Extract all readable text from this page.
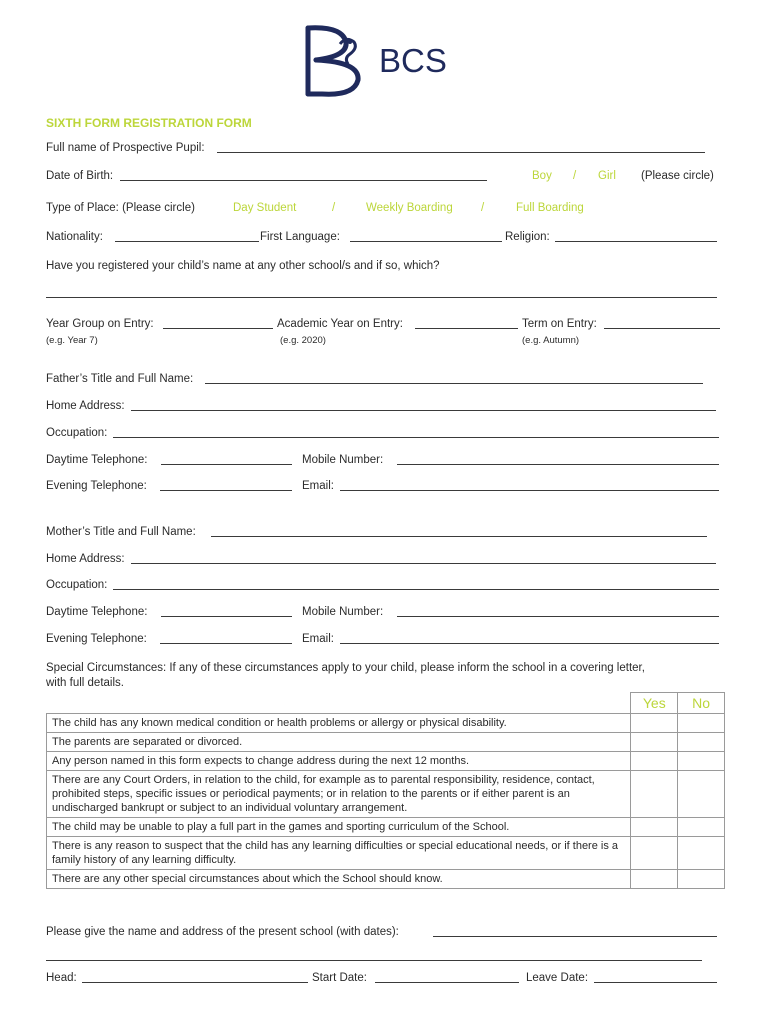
BCS
SIXTH FORM REGISTRATION FORM
Full name of Prospective Pupil:
Date of Birth:	Boy / Girl (Please circle)
Type of Place: (Please circle)	Day Student	/	Weekly Boarding /	Full Boarding
Nationality:	First Language:	Religion:
Have you registered your child’s name at any other school/s and if so, which?
Year Group on Entry:	Academic Year on Entry:	Term on Entry:
(e.g. Year 7)	(e.g. 2020)	(e.g. Autumn)
Father’s Title and Full Name:
Home Address:
Occupation:
Daytime Telephone:	Mobile Number:
Evening Telephone:	Email:
Mother’s Title and Full Name:
Home Address:
Occupation:
Daytime Telephone:	Mobile Number:
Evening Telephone:	Email:
Special Circumstances: If any of these circumstances apply to your child, please inform the school in a covering letter,
with full details.
	Yes	No
The child has any known medical condition or health problems or allergy or physical disability.		
The parents are separated or divorced.		
Any person named in this form expects to change address during the next 12 months.		
There are any Court Orders, in relation to the child, for example as to parental responsibility, residence, contact, prohibited steps, specific issues or periodical payments; or in relation to the parents or if either parent is an undischarged bankrupt or subject to an individual voluntary arrangement.		
The child may be unable to play a full part in the games and sporting curriculum of the School.		
There is any reason to suspect that the child has any learning difficulties or special educational needs, or if there is a family history of any learning difficulty.		
There are any other special circumstances about which the School should know.		
Please give the name and address of the present school (with dates):
Head:	Start Date:	Leave Date:
